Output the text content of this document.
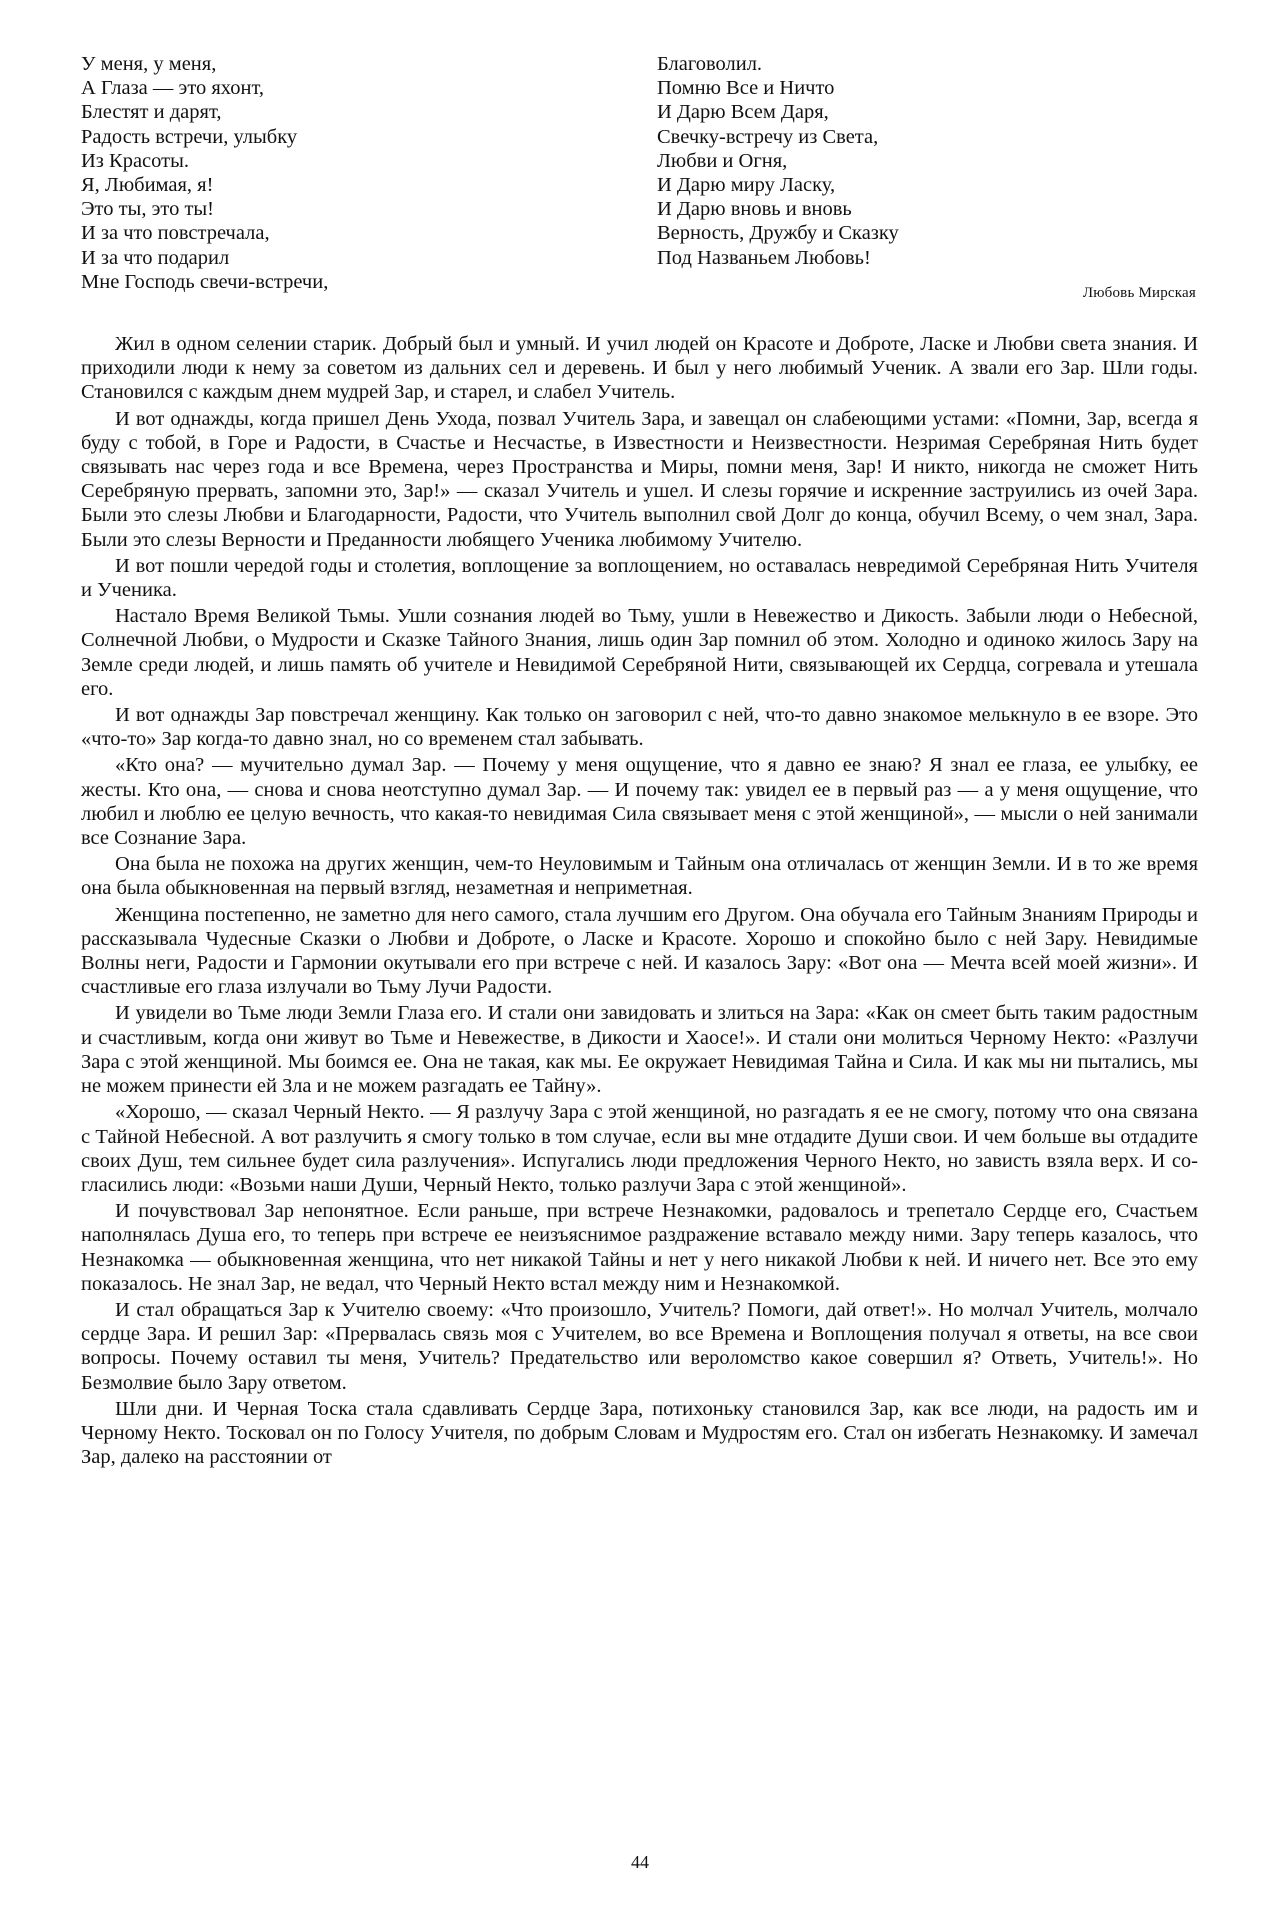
У меня, у меня,
А Глаза — это яхонт,
Блестят и дарят,
Радость встречи, улыбку
Из Красоты.
Я, Любимая, я!
Это ты, это ты!
И за что повстречала,
И за что подарил
Мне Господь свечи-встречи,
Благоволил.
Помню Все и Ничто
И Дарю Всем Даря,
Свечку-встречу из Света,
Любви и Огня,
И Дарю миру Ласку,
И Дарю вновь и вновь
Верность, Дружбу и Сказку
Под Названьем Любовь!
Любовь Мирская

Жил в одном селении старик. Добрый был и умный. И учил людей он Красоте и Доброте, Ласке и Любви света знания. И приходили люди к нему за советом из дальних сел и деревень. И был у него любимый Ученик. А звали его Зар. Шли годы. Становился с каждым днем мудрей Зар, и старел, и слабел Учитель.

И вот однажды, когда пришел День Ухода, позвал Учитель Зара, и завещал он слабеющими устами: «Помни, Зар, всегда я буду с тобой, в Горе и Радости, в Счастье и Несчастье, в Известности и Неизвестности. Незримая Серебряная Нить будет связывать нас через года и все Времена, через Пространства и Миры, помни меня, Зар! И никто, никогда не сможет Нить Серебряную прервать, запомни это, Зар!» — сказал Учитель и ушел. И слезы горячие и искренние заструились из очей Зара. Были это слезы Любви и Благодарности, Радости, что Учитель выполнил свой Долг до конца, обучил Всему, о чем знал, Зара. Были это слезы Верности и Преданности любящего Ученика любимому Учителю.

И вот пошли чередой годы и столетия, воплощение за воплощением, но оставалась невредимой Серебряная Нить Учителя и Ученика.

Настало Время Великой Тьмы. Ушли сознания людей во Тьму, ушли в Невежество и Дикость. Забыли люди о Небесной, Солнечной Любви, о Мудрости и Сказке Тайного Знания, лишь один Зар помнил об этом. Холодно и одиноко жилось Зару на Земле среди людей, и лишь память об учителе и Невидимой Серебряной Нити, связывающей их Сердца, согревала и утешала его.

И вот однажды Зар повстречал женщину. Как только он заговорил с ней, что-то давно знакомое мелькнуло в ее взоре. Это «что-то» Зар когда-то давно знал, но со временем стал забывать.

«Кто она? — мучительно думал Зар. — Почему у меня ощущение, что я давно ее знаю? Я знал ее глаза, ее улыбку, ее жесты. Кто она, — снова и снова неотступно думал Зар. — И почему так: увидел ее в первый раз — а у меня ощущение, что любил и люблю ее целую вечность, что какая-то невидимая Сила связывает меня с этой женщиной», — мысли о ней занимали все Сознание Зара.

Она была не похожа на других женщин, чем-то Неуловимым и Тайным она отличалась от женщин Земли. И в то же время она была обыкновенная на первый взгляд, незаметная и неприметная.

Женщина постепенно, не заметно для него самого, стала лучшим его Другом. Она обучала его Тайным Знаниям Природы и рассказывала Чудесные Сказки о Любви и Доброте, о Ласке и Красоте. Хорошо и спокойно было с ней Зару. Невидимые Волны неги, Радости и Гармонии окутывали его при встрече с ней. И казалось Зару: «Вот она — Мечта всей моей жизни». И счастливые его глаза излучали во Тьму Лучи Радости.

И увидели во Тьме люди Земли Глаза его. И стали они завидовать и злиться на Зара: «Как он смеет быть таким радостным и счастливым, когда они живут во Тьме и Невежестве, в Дикости и Хаосе!». И стали они молиться Черному Некто: «Разлучи Зара с этой женщиной. Мы боимся ее. Она не такая, как мы. Ее окружает Невидимая Тайна и Сила. И как мы ни пытались, мы не можем принести ей Зла и не можем разгадать ее Тайну».

«Хорошо, — сказал Черный Некто. — Я разлучу Зара с этой женщиной, но разгадать я ее не смогу, потому что она связана с Тайной Небесной. А вот разлучить я смогу только в том случае, если вы мне отдадите Души свои. И чем больше вы отдадите своих Душ, тем сильнее будет сила разлучения». Испугались люди предложения Черного Некто, но зависть взяла верх. И согласились люди: «Возьми наши Души, Черный Некто, только разлучи Зара с этой женщиной».

И почувствовал Зар непонятное. Если раньше, при встрече Незнакомки, радовалось и трепетало Сердце его, Счастьем наполнялась Душа его, то теперь при встрече ее неизъяснимое раздражение вставало между ними. Зару теперь казалось, что Незнакомка — обыкновенная женщина, что нет никакой Тайны и нет у него никакой Любви к ней. И ничего нет. Все это ему показалось. Не знал Зар, не ведал, что Черный Некто встал между ним и Незнакомкой.

И стал обращаться Зар к Учителю своему: «Что произошло, Учитель? Помоги, дай ответ!». Но молчал Учитель, молчало сердце Зара. И решил Зар: «Прервалась связь моя с Учителем, во все Времена и Воплощения получал я ответы, на все свои вопросы. Почему оставил ты меня, Учитель? Предательство или вероломство какое совершил я? Ответь, Учитель!». Но Безмолвие было Зару ответом.

Шли дни. И Черная Тоска стала сдавливать Сердце Зара, потихоньку становился Зар, как все люди, на радость им и Черному Некто. Тосковал он по Голосу Учителя, по добрым Словам и Мудростям его. Стал он избегать Незнакомку. И замечал Зар, далеко на расстоянии от

44
